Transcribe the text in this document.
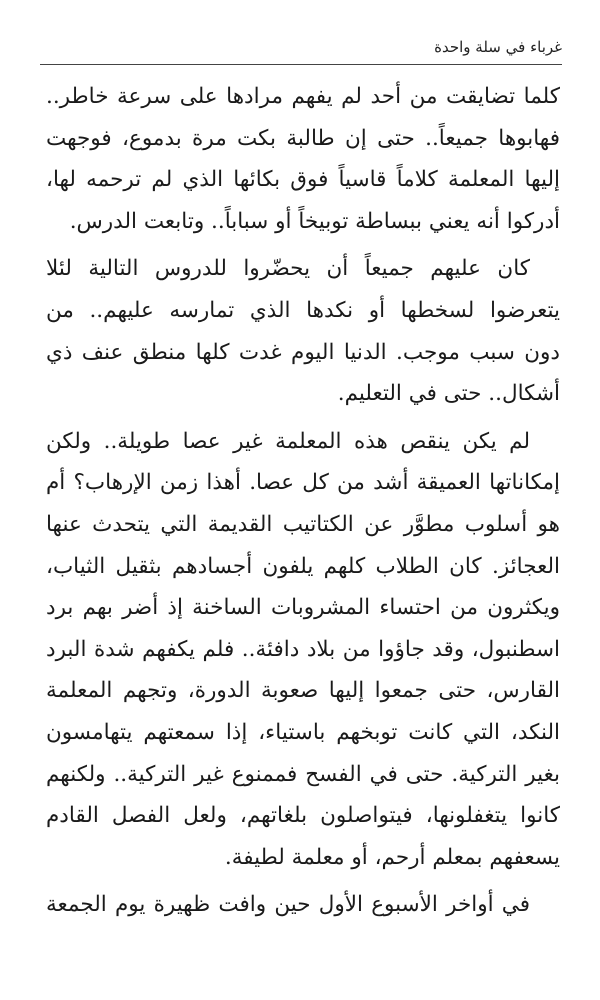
غرباء في سلة واحدة
كلما تضايقت من أحد لم يفهم مرادها على سرعة خاطر..
فهابوها جميعاً.. حتى إن طالبة بكت مرة بدموع، فوجهت
إليها المعلمة كلاماً قاسياً فوق بكائها الذي لم ترحمه لها،
أدركوا أنه يعني ببساطة توبيخاً أو سباباً.. وتابعت الدرس.
كان عليهم جميعاً أن يحضّروا للدروس التالية لئلا
يتعرضوا لسخطها أو نكدها الذي تمارسه عليهم.. من
دون سبب موجب. الدنيا اليوم غدت كلها منطق عنف ذي
أشكال.. حتى في التعليم.
لم يكن ينقص هذه المعلمة غير عصا طويلة.. ولكن
إمكاناتها العميقة أشد من كل عصا. أهذا زمن الإرهاب؟ أم
هو أسلوب مطوَّر عن الكتاتيب القديمة التي يتحدث عنها
العجائز. كان الطلاب كلهم يلفون أجسادهم بثقيل الثياب،
ويكثرون من احتساء المشروبات الساخنة إذ أضر بهم برد
اسطنبول، وقد جاؤوا من بلاد دافئة.. فلم يكفهم شدة البرد
القارس، حتى جمعوا إليها صعوبة الدورة، وتجهم المعلمة
النكد، التي كانت توبخهم باستياء، إذا سمعتهم يتهامسون
بغير التركية. حتى في الفسح فممنوع غير التركية.. ولكنهم
كانوا يتغفلونها، فيتواصلون بلغاتهم، ولعل الفصل القادم
يسعفهم بمعلم أرحم، أو معلمة لطيفة.
في أواخر الأسبوع الأول حين وافت ظهيرة يوم الجمعة
